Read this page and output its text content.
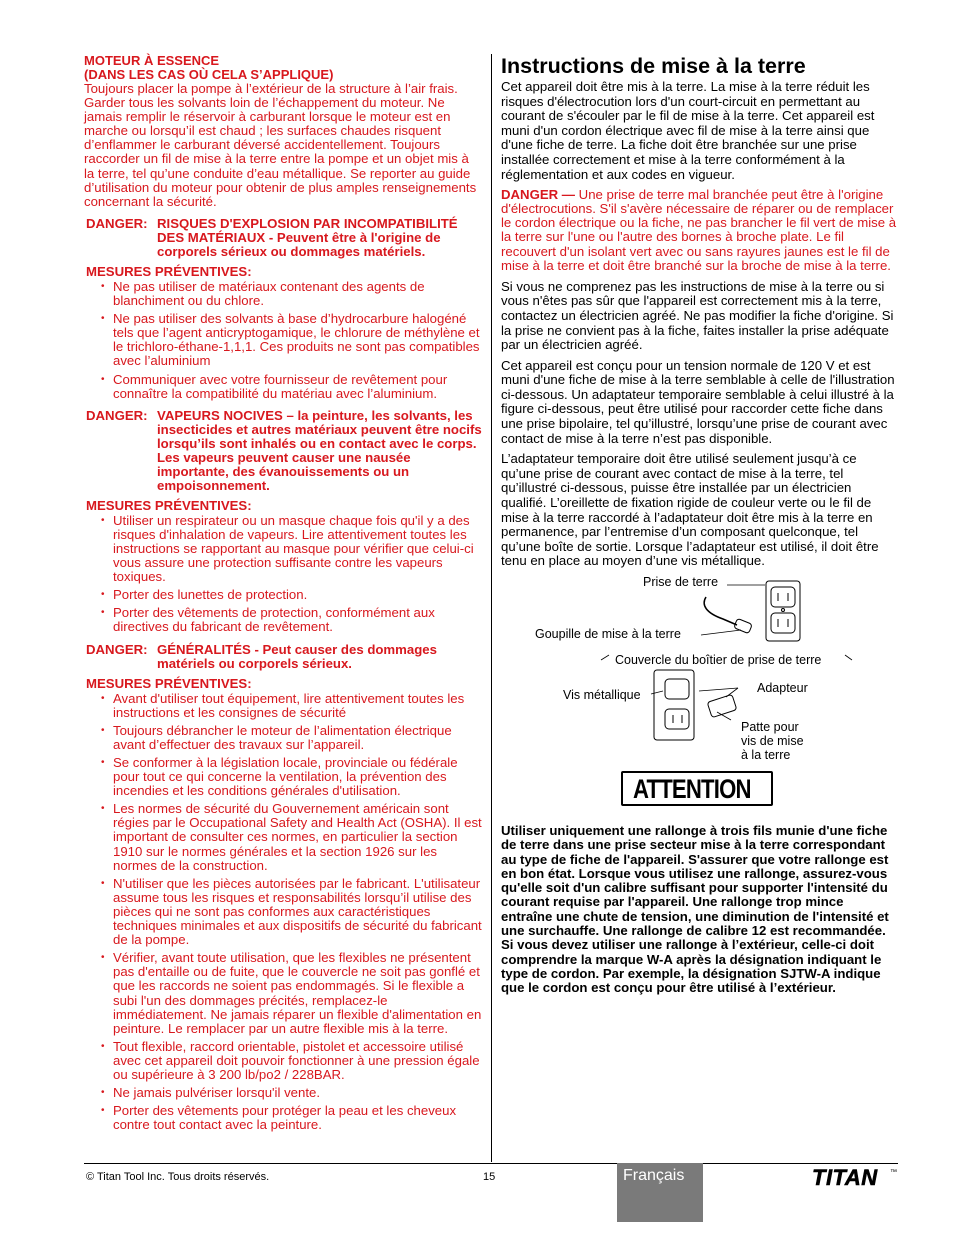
MOTEUR À ESSENCE
(DANS LES CAS OÙ CELA S’APPLIQUE)

Toujours placer la pompe à l’extérieur de la structure à l’air frais. Garder tous les solvants loin de l’échappement du moteur. Ne jamais remplir le réservoir à carburant lorsque le moteur est en marche ou lorsqu’il est chaud ; les surfaces chaudes risquent d’enflammer le carburant déversé accidentellement. Toujours raccorder un fil de mise à la terre entre la pompe et un objet mis à la terre, tel qu’une conduite d’eau métallique. Se reporter au guide d’utilisation du moteur pour obtenir de plus amples renseignements concernant la sécurité.

DANGER: RISQUES D'EXPLOSION PAR INCOMPATIBILITÉ DES MATÉRIAUX - Peuvent être à l'origine de corporels sérieux ou dommages matériels.
MESURES PRÉVENTIVES:
• Ne pas utiliser de matériaux contenant des agents de blanchiment ou du chlore.
• Ne pas utiliser des solvants à base d’hydrocarbure halogéné tels que l’agent anticryptogamique, le chlorure de méthylène et le trichloro-éthane-1,1,1. Ces produits ne sont pas compatibles avec l’aluminium
• Communiquer avec votre fournisseur de revêtement pour connaître la compatibilité du matériau avec l’aluminium.
DANGER: VAPEURS NOCIVES – la peinture, les solvants, les insecticides et autres matériaux peuvent être nocifs lorsqu’ils sont inhalés ou en contact avec le corps. Les vapeurs peuvent causer une nausée importante, des évanouissements ou un empoisonnement.
MESURES PRÉVENTIVES:
• Utiliser un respirateur ou un masque chaque fois qu'il y a des risques d'inhalation de vapeurs. Lire attentivement toutes les instructions se rapportant au masque pour vérifier que celui-ci vous assure une protection suffisante contre les vapeurs toxiques.
• Porter des lunettes de protection.
• Porter des vêtements de protection, conformément aux directives du fabricant de revêtement.
DANGER: GÉNÉRALITÉS - Peut causer des dommages matériels ou corporels sérieux.
MESURES PRÉVENTIVES:
• Avant d'utiliser tout équipement, lire attentivement toutes les instructions et les consignes de sécurité
• Toujours débrancher le moteur de l’alimentation électrique avant d’effectuer des travaux sur l’appareil.
• Se conformer à la législation locale, provinciale ou fédérale pour tout ce qui concerne la ventilation, la prévention des incendies et les conditions générales d'utilisation.
• Les normes de sécurité du Gouvernement américain sont régies par le Occupational Safety and Health Act (OSHA). Il est important de consulter ces normes, en particulier la section 1910 sur le normes générales et la section 1926 sur les normes de la construction.
• N'utiliser que les pièces autorisées par le fabricant. L'utilisateur assume tous les risques et responsabilités lorsqu’il utilise des pièces qui ne sont pas conformes aux caractéristiques techniques minimales et aux dispositifs de sécurité du fabricant de la pompe.
• Vérifier, avant toute utilisation, que les flexibles ne présentent pas d'entaille ou de fuite, que le couvercle ne soit pas gonflé et que les raccords ne soient pas endommagés. Si le flexible a subi l'un des dommages précités, remplacez-le immédiatement. Ne jamais réparer un flexible d'alimentation en peinture. Le remplacer par un autre flexible mis à la terre.
• Tout flexible, raccord orientable, pistolet et accessoire utilisé avec cet appareil doit pouvoir fonctionner à une pression égale ou supérieure à 3 200 lb/po2 / 228BAR.
• Ne jamais pulvériser lorsqu'il vente.
• Porter des vêtements pour protéger la peau et les cheveux contre tout contact avec la peinture.
Instructions de mise à la terre

Cet appareil doit être mis à la terre. La mise à la terre réduit les risques d'électrocution lors d'un court-circuit en permettant au courant de s'écouler par le fil de mise à la terre. Cet appareil est muni d'un cordon électrique avec fil de mise à la terre ainsi que d'une fiche de terre. La fiche doit être branchée sur une prise installée correctement et mise à la terre conformément à la réglementation et aux codes en vigueur.

DANGER — Une prise de terre mal branchée peut être à l'origine d'électrocutions. S'il s'avère nécessaire de réparer ou de remplacer le cordon électrique ou la fiche, ne pas brancher le fil vert de mise à la terre sur l'une ou l'autre des bornes à broche plate. Le fil recouvert d'un isolant vert avec ou sans rayures jaunes est le fil de mise à la terre et doit être branché sur la broche de mise à la terre.

Si vous ne comprenez pas les instructions de mise à la terre ou si vous n'êtes pas sûr que l'appareil est correctement mis à la terre, contactez un électricien agréé. Ne pas modifier la fiche d'origine. Si la prise ne convient pas à la fiche, faites installer la prise adéquate par un électricien agréé.

Cet appareil est conçu pour un tension normale de 120 V et est muni d'une fiche de mise à la terre semblable à celle de l'illustration ci-dessous. Un adaptateur temporaire semblable à celui illustré à la figure ci-dessous, peut être utilisé pour raccorder cette fiche dans une prise bipolaire, tel qu’illustré, lorsqu’une prise de courant avec contact de mise à la terre n’est pas disponible.

L’adaptateur temporaire doit être utilisé seulement jusqu’à ce qu’une prise de courant avec contact de mise à la terre, tel qu’illustré ci-dessous, puisse être installée par un électricien qualifié. L’oreillette de fixation rigide de couleur verte ou le fil de mise à la terre raccordé à l’adaptateur doit être mis à la terre en permanence, par l’entremise d’un composant quelconque, tel qu’une boîte de sortie. Lorsque l’adaptateur est utilisé, il doit être tenu en place au moyen d’une vis métallique.

Prise de terre
Goupille de mise à la terre
Couvercle du boîtier de prise de terre
Vis métallique	Adapteur
Patte pour
vis de mise
à la terre
ATTENTION
Utiliser uniquement une rallonge à trois fils munie d'une fiche de terre dans une prise secteur mise à la terre correspondant au type de fiche de l'appareil. S'assurer que votre rallonge est en bon état. Lorsque vous utilisez une rallonge, assurez-vous qu'elle soit d'un calibre suffisant pour supporter l'intensité du courant requise par l'appareil. Une rallonge trop mince entraîne une chute de tension, une diminution de l'intensité et une surchauffe. Une rallonge de calibre 12 est recommandée. Si vous devez utiliser une rallonge à l’extérieur, celle-ci doit comprendre la marque W-A après la désignation indiquant le type de cordon. Par exemple, la désignation SJTW-A indique que le cordon est conçu pour être utilisé à l’extérieur.
© Titan Tool Inc. Tous droits réservés.	15	Français	TITAN ™
